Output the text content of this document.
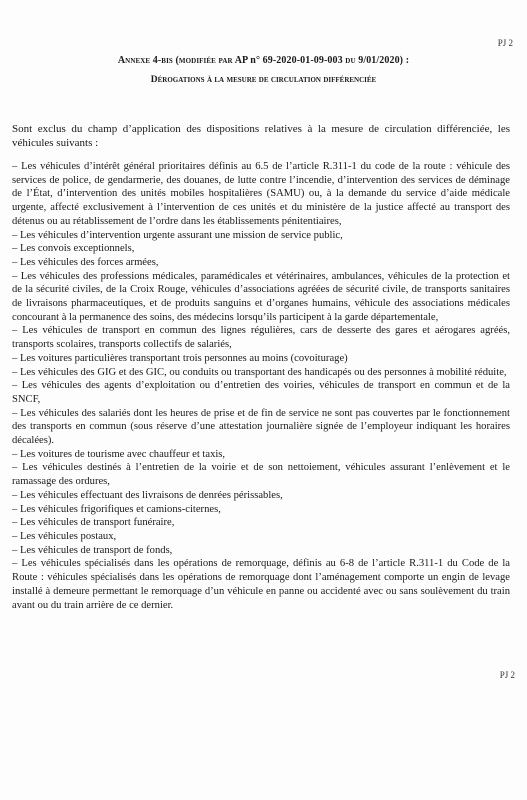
PJ 2
Annexe 4-bis (modifiée par AP n° 69-2020-01-09-003 du 9/01/2020) :
Dérogations à la mesure de circulation différenciée

Sont exclus du champ d’application des dispositions relatives à la mesure de circulation différenciée, les véhicules suivants :

– Les véhicules d’intérêt général prioritaires définis au 6.5 de l’article R.311-1 du code de la route : véhicule des services de police, de gendarmerie, des douanes, de lutte contre l’incendie, d’intervention des services de déminage de l’État, d’intervention des unités mobiles hospitalières (SAMU) ou, à la demande du service d’aide médicale urgente, affecté exclusivement à l’intervention de ces unités et du ministère de la justice affecté au transport des détenus ou au rétablissement de l’ordre dans les établissements pénitentiaires,
– Les véhicules d’intervention urgente assurant une mission de service public,
– Les convois exceptionnels,
– Les véhicules des forces armées,
– Les véhicules des professions médicales, paramédicales et vétérinaires, ambulances, véhicules de la protection et de la sécurité civiles, de la Croix Rouge, véhicules d’associations agréées de sécurité civile, de transports sanitaires de livraisons pharmaceutiques, et de produits sanguins et d’organes humains, véhicule des associations médicales concourant à la permanence des soins, des médecins lorsqu’ils participent à la garde départementale,
– Les véhicules de transport en commun des lignes régulières, cars de desserte des gares et aérogares agréés, transports scolaires, transports collectifs de salariés,
– Les voitures particulières transportant trois personnes au moins (covoiturage)
– Les véhicules des GIG et des GIC, ou conduits ou transportant des handicapés ou des personnes à mobilité réduite,
– Les véhicules des agents d’exploitation ou d’entretien des voiries, véhicules de transport en commun et de la SNCF,
– Les véhicules des salariés dont les heures de prise et de fin de service ne sont pas couvertes par le fonctionnement des transports en commun (sous réserve d’une attestation journalière signée de l’employeur indiquant les horaires décalées).
– Les voitures de tourisme avec chauffeur et taxis,
– Les véhicules destinés à l’entretien de la voirie et de son nettoiement, véhicules assurant l’enlèvement et le ramassage des ordures,
– Les véhicules effectuant des livraisons de denrées périssables,
– Les véhicules frigorifiques et camions-citernes,
– Les véhicules de transport funéraire,
– Les véhicules postaux,
– Les véhicules de transport de fonds,
– Les véhicules spécialisés dans les opérations de remorquage, définis au 6-8 de l’article R.311-1 du Code de la Route : véhicules spécialisés dans les opérations de remorquage dont l’aménagement comporte un engin de levage installé à demeure permettant le remorquage d’un véhicule en panne ou accidenté avec ou sans soulèvement du train avant ou du train arrière de ce dernier.
PJ 2
